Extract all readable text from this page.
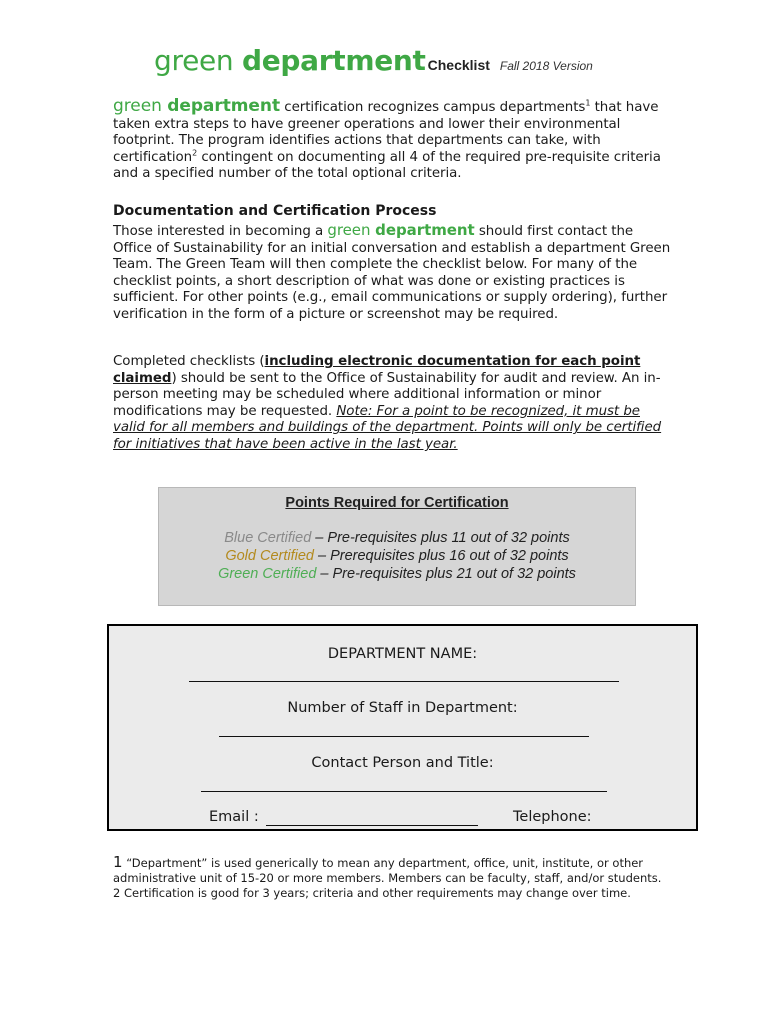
green department Checklist Fall 2018 Version
green department certification recognizes campus departments$^1$ that have taken extra steps to have greener operations and lower their environmental footprint. The program identifies actions that departments can take, with certification$^2$ contingent on documenting all 4 of the required pre-requisite criteria and a specified number of the total optional criteria.
Documentation and Certification Process
Those interested in becoming a green department should first contact the Office of Sustainability for an initial conversation and establish a department Green Team. The Green Team will then complete the checklist below. For many of the checklist points, a short description of what was done or existing practices is sufficient. For other points (e.g., email communications or supply ordering), further verification in the form of a picture or screenshot may be required.
Completed checklists (including electronic documentation for each point claimed) should be sent to the Office of Sustainability for audit and review. An in-person meeting may be scheduled where additional information or minor modifications may be requested. Note: For a point to be recognized, it must be valid for all members and buildings of the department. Points will only be certified for initiatives that have been active in the last year.
Points Required for Certification
Blue Certified – Pre-requisites plus 11 out of 32 points
Gold Certified – Prerequisites plus 16 out of 32 points
Green Certified – Pre-requisites plus 21 out of 32 points
DEPARTMENT NAME:
Number of Staff in Department:
Contact Person and Title:
Email :	Telephone:
1 “Department” is used generically to mean any department, office, unit, institute, or other administrative unit of 15-20 or more members. Members can be faculty, staff, and/or students.
2 Certification is good for 3 years; criteria and other requirements may change over time.
